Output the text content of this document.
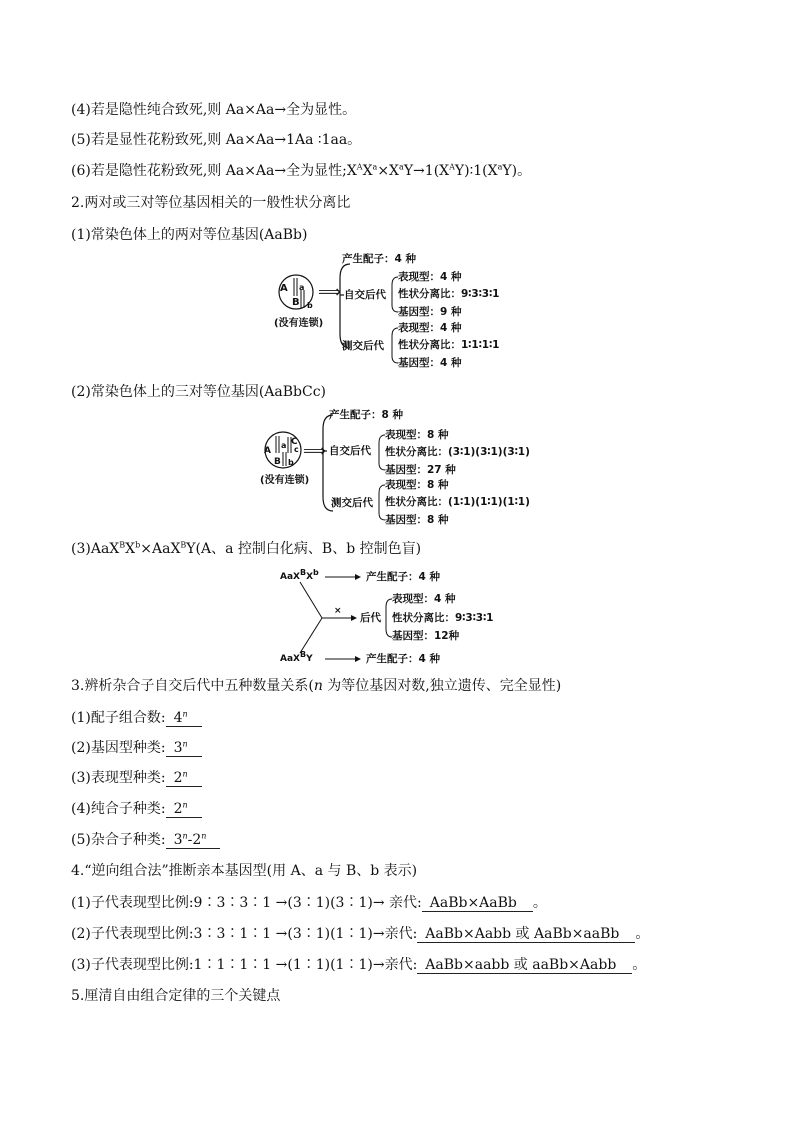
(4)若是隐性纯合致死,则 Aa×Aa→全为显性。
(5)若是显性花粉致死,则 Aa×Aa→1Aa ∶1aa。
(6)若是隐性花粉致死,则 Aa×Aa→全为显性$;X^AX^a\times X^aY\to 1(X^AY)∶1(X^aY)$。
2.两对或三对等位基因相关的一般性状分离比
(1)常染色体上的两对等位基因(AaBb)
A a
B b
(没有连锁)
⟹
产生配子：4 种
自交后代
表现型：4 种
性状分离比：9∶3∶3∶1
基因型：9 种
测交后代
表现型：4 种
性状分离比：1∶1∶1∶1
基因型：4 种
(2)常染色体上的三对等位基因(AaBbCc)
A
a C
c
B b
(没有连锁)
⟹
产生配子：8 种
自交后代
表现型：8 种
性状分离比：(3∶1)(3∶1)(3∶1)
基因型：27 种
测交后代
表现型：8 种
性状分离比：(1∶1)(1∶1)(1∶1)
基因型：8 种
$(3)AaX^BX^b\times AaX^BY(A$、a 控制白化病、B、b 控制色盲)
$AaX^BX^b$
AaX$^B$Y
产生配子：4 种
产生配子：4 种
×
后代
表现型：4 种
性状分离比：9∶3∶3∶1
基因型：12种
3.辨析杂合子自交后代中五种数量关系(n 为等位基因对数,独立遗传、完全显性)
(1)配子组合数: 4$^n$
(2)基因型种类: 3$^n$
(3)表现型种类: 2$^n$
(4)纯合子种类: 2$^n$
(5)杂合子种类: 3$^n$-2$^n$
4.“逆向组合法”推断亲本基因型(用 A、a 与 B、b 表示)
(1)子代表现型比例:9∶3∶3∶1 →(3∶1)(3∶1)→ 亲代: AaBb×AaBb 。
(2)子代表现型比例:3∶3∶1∶1 →(3∶1)(1∶1)→亲代: AaBb×Aabb 或 AaBb×aaBb 。
(3)子代表现型比例:1∶1∶1∶1 →(1∶1)(1∶1)→亲代: AaBb×aabb 或 aaBb×Aabb 。
5.厘清自由组合定律的三个关键点
